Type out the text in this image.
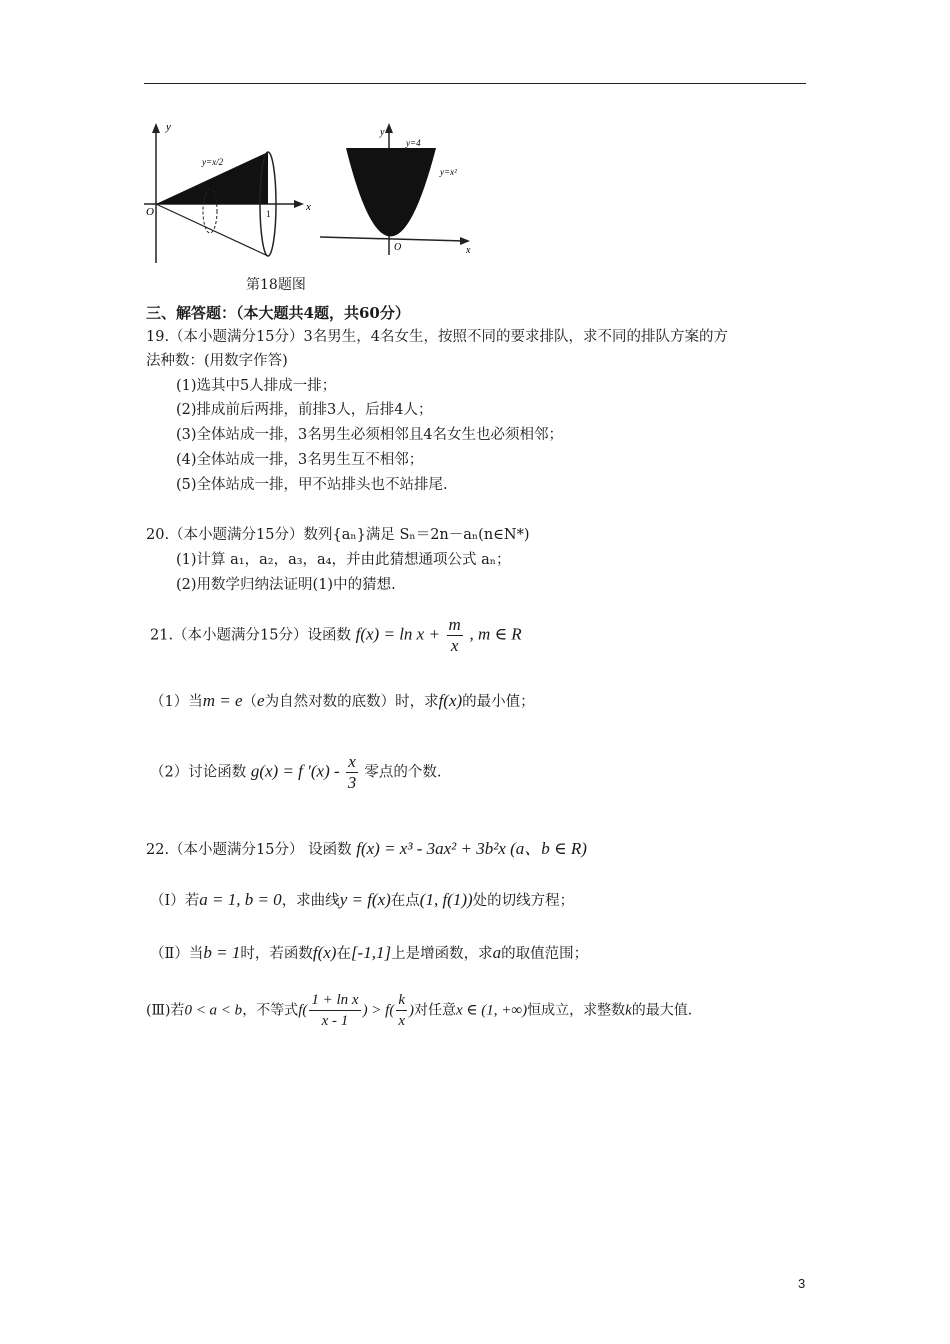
y
x
O	1
y=x/2
y
x
O
y=4
y=x²
第18题图
三、解答题：（本大题共4题，共60分）
19.（本小题满分15分）3名男生，4名女生，按照不同的要求排队，求不同的排队方案的方
法种数：(用数字作答)
(1)选其中5人排成一排；
(2)排成前后两排，前排3人，后排4人；
(3)全体站成一排，3名男生必须相邻且4名女生也必须相邻；
(4)全体站成一排，3名男生互不相邻；
(5)全体站成一排，甲不站排头也不站排尾.
20.（本小题满分15分）数列{aₙ}满足 Sₙ＝2n－aₙ(n∈N*)
(1)计算 a₁，a₂，a₃，a₄，并由此猜想通项公式 aₙ；
(2)用数学归纳法证明(1)中的猜想.
21.（本小题满分15分）设函数 $f(x) = \ln x + \frac{m}{x}$ , m ∈ R
（1）当m = e（e为自然对数的底数）时，求f(x)的最小值；
（2）讨论函数 g(x) = f $'(x) - \frac{x}{3}$ 零点的个数.
22.（本小题满分15分） 设函数 f(x) = x³ - 3ax² + 3b²x (a、b ∈ R)
（Ⅰ）若a = 1, b = 0，求曲线y = f(x)在点(1, f(1))处的切线方程；
（Ⅱ）当b = 1时，若函数f(x)在[-1,1]上是增函数，求a的取值范围；
(Ⅲ)若0 < a < b，不等式$f( \frac{\text{1 + ln x}}{x - 1}$ ) > $f( \frac{k}{x}$ )对任意x ∈ (1, +∞)恒成立，求整数k的最大值.
3
